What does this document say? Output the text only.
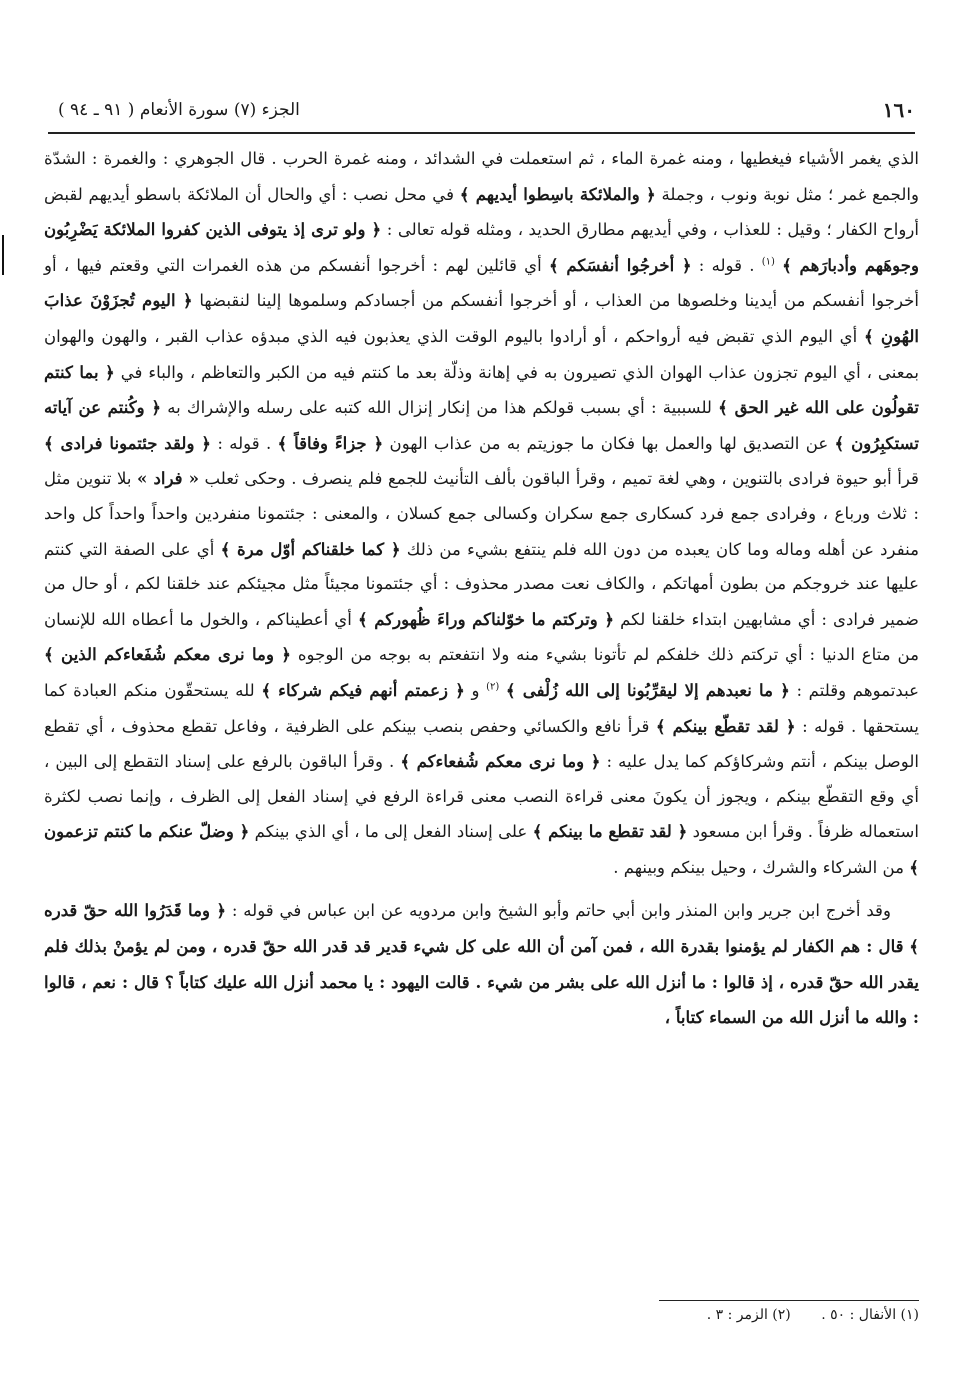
١٦٠
الجزء (٧) سورة الأنعام ( ٩١ ـ ٩٤ )

الذي يغمر الأشياء فيغطيها ، ومنه غمرة الماء ، ثم استعملت في الشدائد ، ومنه غمرة الحرب . قال الجوهري : والغمرة : الشدّة والجمع غمر ؛ مثل نوبة ونوب ، وجملة ﴿ والملائكة باسِطوا أيديهم ﴾ في محل نصب : أي والحال أن الملائكة باسطو أيديهم لقبض أرواح الكفار ؛ وقيل : للعذاب ، وفي أيديهم مطارق الحديد ، ومثله قوله تعالى : ﴿ ولو ترى إذ يتوفى الذين كفروا الملائكة يَضْرِبُون وجوهَهم وأدبارَهم ﴾ $^{(١)}$ . قوله : ﴿ أخرجُوا أنفسَكم ﴾ أي قائلين لهم : أخرجوا أنفسكم من هذه الغمرات التي وقعتم فيها ، أو أخرجوا أنفسكم من أيدينا وخلصوها من العذاب ، أو أخرجوا أنفسكم من أجسادكم وسلموها إلينا لنقبضها ﴿ اليوم تُجزَوْنَ عذابَ الهُونِ ﴾ أي اليوم الذي تقبض فيه أرواحكم ، أو أرادوا باليوم الوقت الذي يعذبون فيه الذي مبدؤه عذاب القبر ، والهون والهوان بمعنى ، أي اليوم تجزون عذاب الهوان الذي تصيرون به في إهانة وذلّة بعد ما كنتم فيه من الكبر والتعاظم ، والباء في ﴿ بما كنتم تقولُون على الله غير الحق ﴾ للسببية : أي بسبب قولكم هذا من إنكار إنزال الله كتبه على رسله والإشراك به ﴿ وكُنتم عن آياته تستكبِرُون ﴾ عن التصديق لها والعمل بها فكان ما جوزيتم به من عذاب الهون ﴿ جزاءً وفاقاً ﴾ . قوله : ﴿ ولقد جئتمونا فرادى ﴾ قرأ أبو حيوة فرادى بالتنوين ، وهي لغة تميم ، وقرأ الباقون بألف التأنيث للجمع فلم ينصرف . وحكى ثعلب « فراد » بلا تنوين مثل : ثلاث ورباع ، وفرادى جمع فرد كسكارى جمع سكران وكسالى جمع كسلان ، والمعنى : جئتمونا منفردين واحداً واحداً كل واحد منفرد عن أهله وماله وما كان يعبده من دون الله فلم ينتفع بشيء من ذلك ﴿ كما خلقناكم أوّل مرة ﴾ أي على الصفة التي كنتم عليها عند خروجكم من بطون أمهاتكم ، والكاف نعت مصدر محذوف : أي جئتمونا مجيئاً مثل مجيئكم عند خلقنا لكم ، أو حال من ضمير فرادى : أي مشابهين ابتداء خلقنا لكم ﴿ وتركتم ما خوّلناكم وراءَ ظُهوركم ﴾ أي أعطيناكم ، والخول ما أعطاه الله للإنسان من متاع الدنيا : أي تركتم ذلك خلفكم لم تأتونا بشيء منه ولا انتفعتم به بوجه من الوجوه ﴿ وما نرى معكم شُفَعاءكم الذين ﴾ عبدتموهم وقلتم : ﴿ ما نعبدهم إلا ليقرِّبُونا إلى الله زُلْفى ﴾ $^{(٢)}$ و ﴿ زعمتم أنهم فيكم شركاء ﴾ لله يستحقّون منكم العبادة كما يستحقها . قوله : ﴿ لقد تقطّع بينكم ﴾ قرأ نافع والكسائي وحفص بنصب بينكم على الظرفية ، وفاعل تقطع محذوف ، أي تقطع الوصل بينكم ، أنتم وشركاؤكم كما يدل عليه : ﴿ وما نرى معكم شُفعاءكم ﴾ . وقرأ الباقون بالرفع على إسناد التقطع إلى البين ، أي وقع التقطّع بينكم ، ويجوز أن يكونَ معنى قراءة النصب معنى قراءة الرفع في إسناد الفعل إلى الظرف ، وإنما نصب لكثرة استعماله ظرفاً . وقرأ ابن مسعود ﴿ لقد تقطع ما بينكم ﴾ على إسناد الفعل إلى ما ، أي الذي بينكم ﴿ وضلّ عنكم ما كنتم تزعمون ﴾ من الشركاء والشرك ، وحيل بينكم وبينهم .

وقد أخرج ابن جرير وابن المنذر وابن أبي حاتم وأبو الشيخ وابن مردويه عن ابن عباس في قوله : ﴿ وما قَدَرُوا الله حقّ قدره ﴾ قال : هم الكفار لم يؤمنوا بقدرة الله ، فمن آمن أن الله على كل شيء قدير قد قدر الله حقّ قدره ، ومن لم يؤمنْ بذلك فلم يقدر الله حقّ قدره ، إذ قالوا : ما أنزل الله على بشر من شيء . قالت اليهود : يا محمد أنزل الله عليك كتاباً ؟ قال : نعم ، قالوا : والله ما أنزل الله من السماء كتاباً ،

(١) الأنفال : ٥٠ . (٢) الزمر : ٣ .
